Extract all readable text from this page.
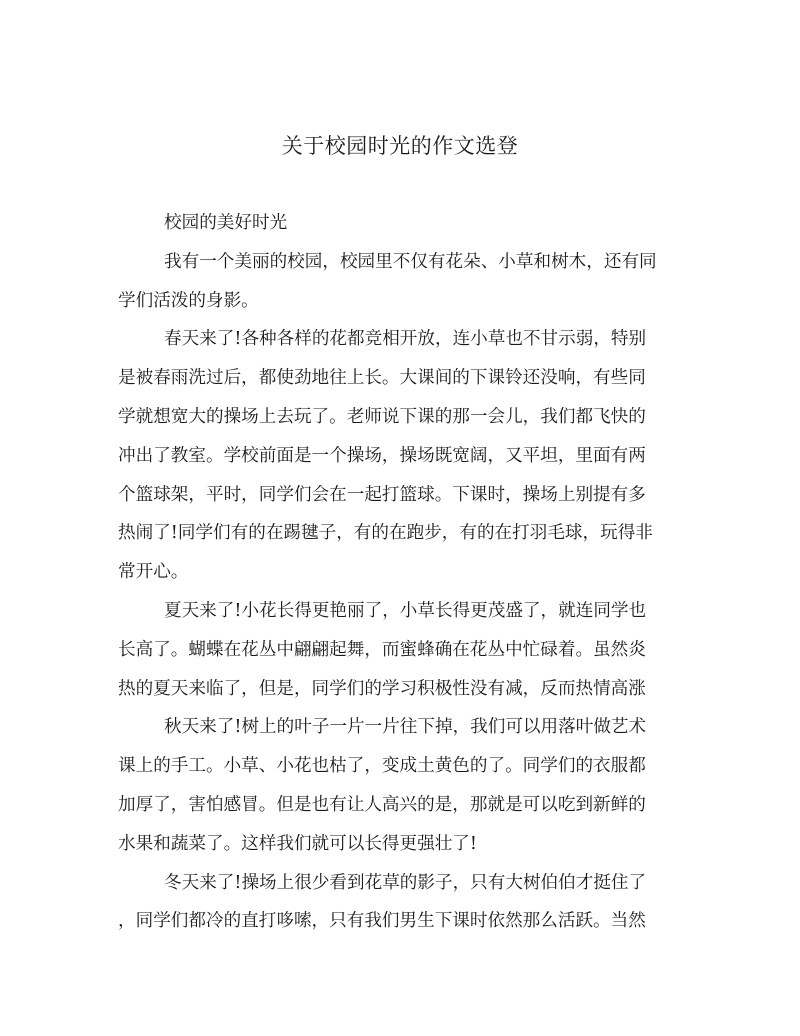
关于校园时光的作文选登
校园的美好时光
我有一个美丽的校园，校园里不仅有花朵、小草和树木，还有同
学们活泼的身影。
春天来了!各种各样的花都竞相开放，连小草也不甘示弱，特别
是被春雨洗过后，都使劲地往上长。大课间的下课铃还没响，有些同
学就想宽大的操场上去玩了。老师说下课的那一会儿，我们都飞快的
冲出了教室。学校前面是一个操场，操场既宽阔，又平坦，里面有两
个篮球架，平时，同学们会在一起打篮球。下课时，操场上别提有多
热闹了!同学们有的在踢毽子，有的在跑步，有的在打羽毛球，玩得非
常开心。
夏天来了!小花长得更艳丽了，小草长得更茂盛了，就连同学也
长高了。蝴蝶在花丛中翩翩起舞，而蜜蜂确在花丛中忙碌着。虽然炎
热的夏天来临了，但是，同学们的学习积极性没有减，反而热情高涨
秋天来了!树上的叶子一片一片往下掉，我们可以用落叶做艺术
课上的手工。小草、小花也枯了，变成土黄色的了。同学们的衣服都
加厚了，害怕感冒。但是也有让人高兴的是，那就是可以吃到新鲜的
水果和蔬菜了。这样我们就可以长得更强壮了!
冬天来了!操场上很少看到花草的影子，只有大树伯伯才挺住了
，同学们都冷的直打哆嗦，只有我们男生下课时依然那么活跃。当然
